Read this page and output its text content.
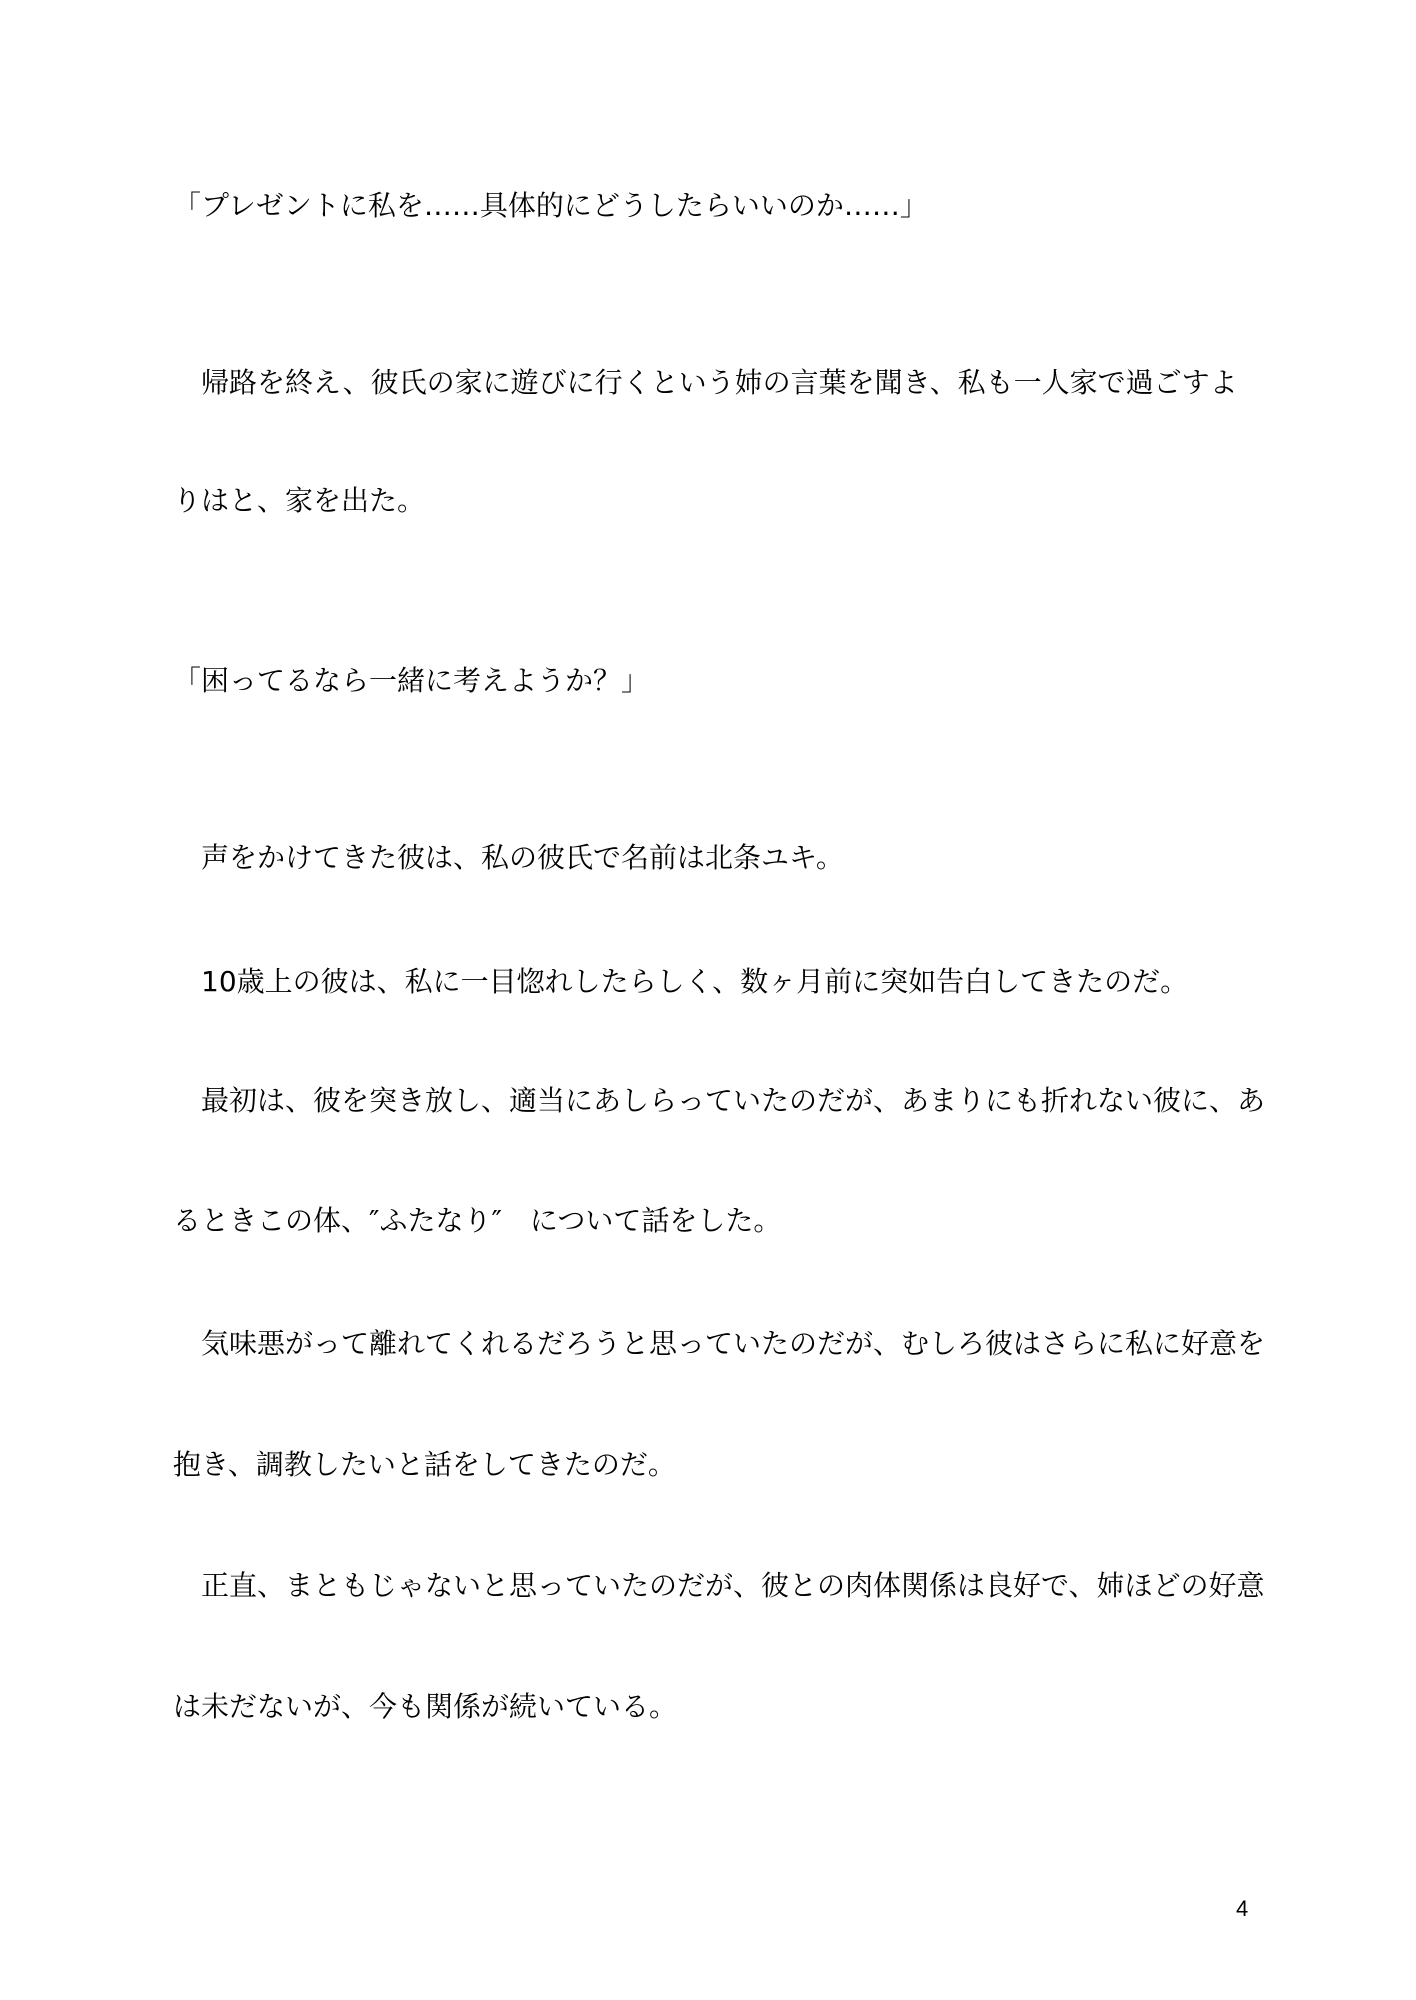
「プレゼントに私を……具体的にどうしたらいいのか……」
　帰路を終え、彼氏の家に遊びに行くという姉の言葉を聞き、私も一人家で過ごすよ
りはと、家を出た。
「困ってるなら一緒に考えようか？」
　声をかけてきた彼は、私の彼氏で名前は北条ユキ。
　10歳上の彼は、私に一目惚れしたらしく、数ヶ月前に突如告白してきたのだ。
　最初は、彼を突き放し、適当にあしらっていたのだが、あまりにも折れない彼に、あ
るときこの体、″ふたなり″　について話をした。
　気味悪がって離れてくれるだろうと思っていたのだが、むしろ彼はさらに私に好意を
抱き、調教したいと話をしてきたのだ。
　正直、まともじゃないと思っていたのだが、彼との肉体関係は良好で、姉ほどの好意
は未だないが、今も関係が続いている。
4
